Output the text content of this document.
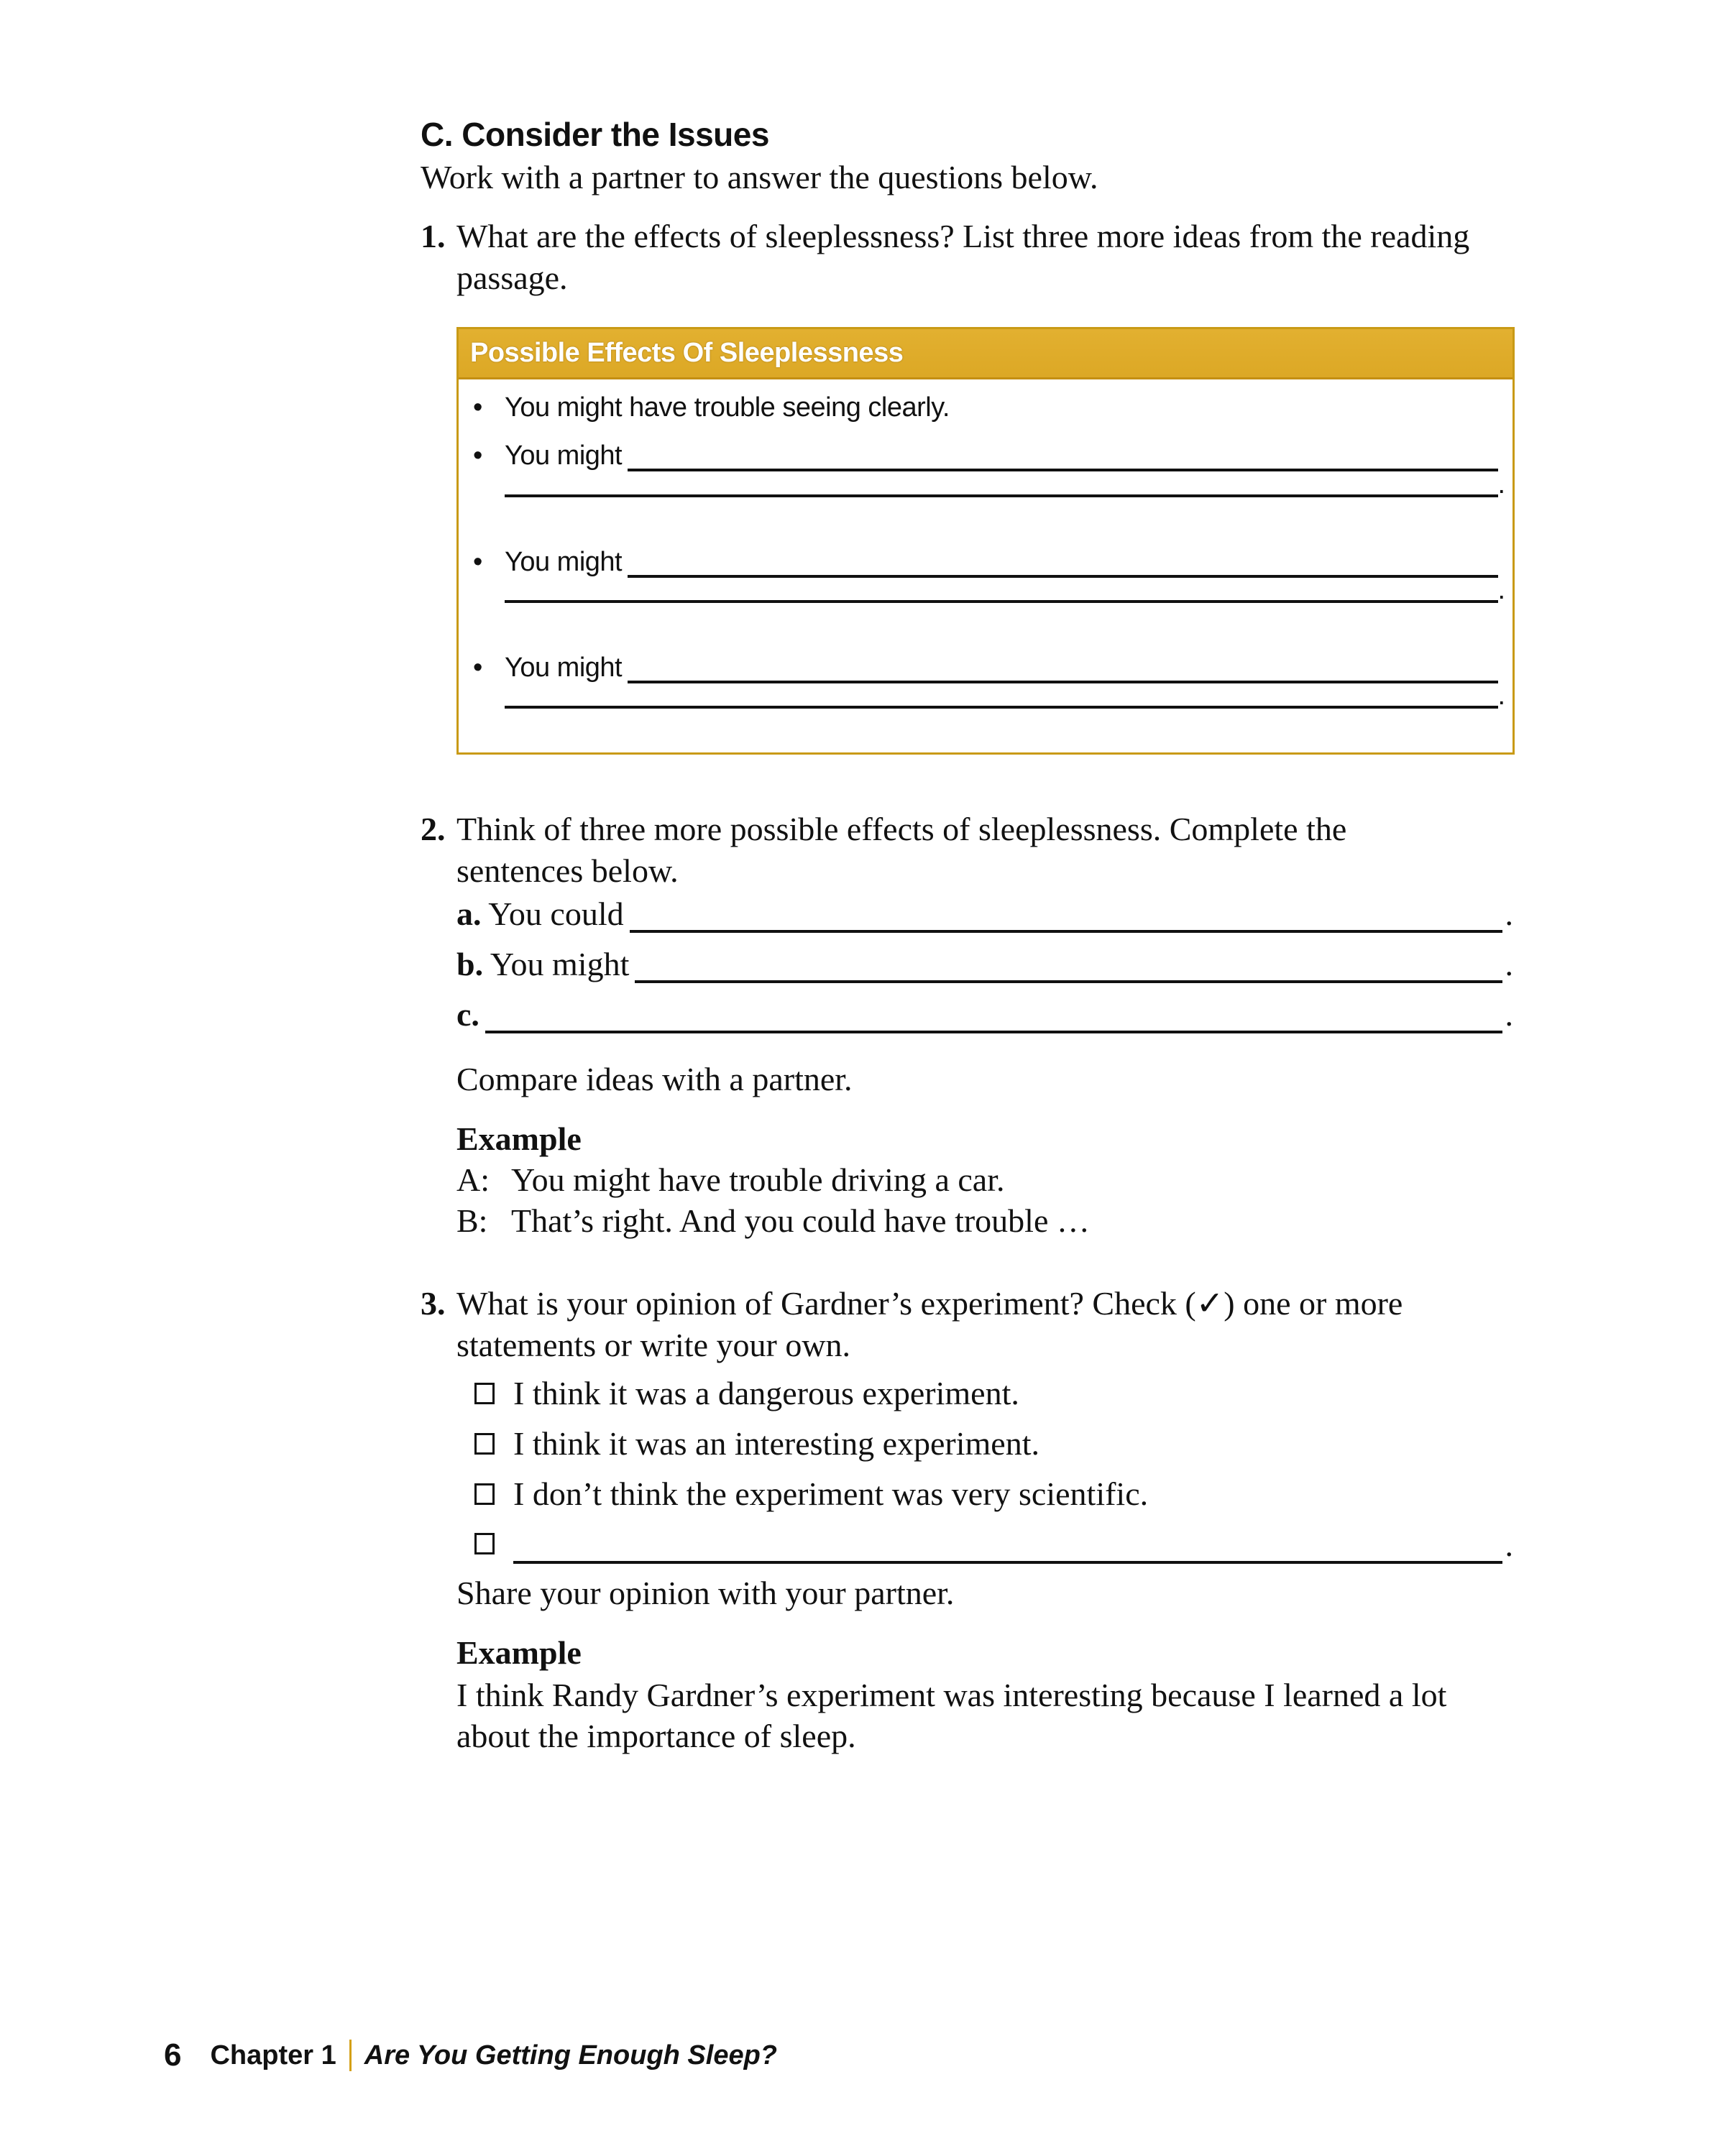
C. Consider the Issues
Work with a partner to answer the questions below.
1. What are the effects of sleeplessness? List three more ideas from the reading passage.
Possible Effects Of Sleeplessness
• You might have trouble seeing clearly.
• You might
.
• You might
.
• You might
.
2. Think of three more possible effects of sleeplessness. Complete the sentences below.
a. You could	.
b. You might	.
c.	.
Compare ideas with a partner.
Example
A: You might have trouble driving a car.
B: That’s right. And you could have trouble …
3. What is your opinion of Gardner’s experiment? Check (✓) one or more statements or write your own.
I think it was a dangerous experiment.
I think it was an interesting experiment.
I don’t think the experiment was very scientific.
.
Share your opinion with your partner.
Example
I think Randy Gardner’s experiment was interesting because I learned a lot about the importance of sleep.
6 Chapter 1 Are You Getting Enough Sleep?
